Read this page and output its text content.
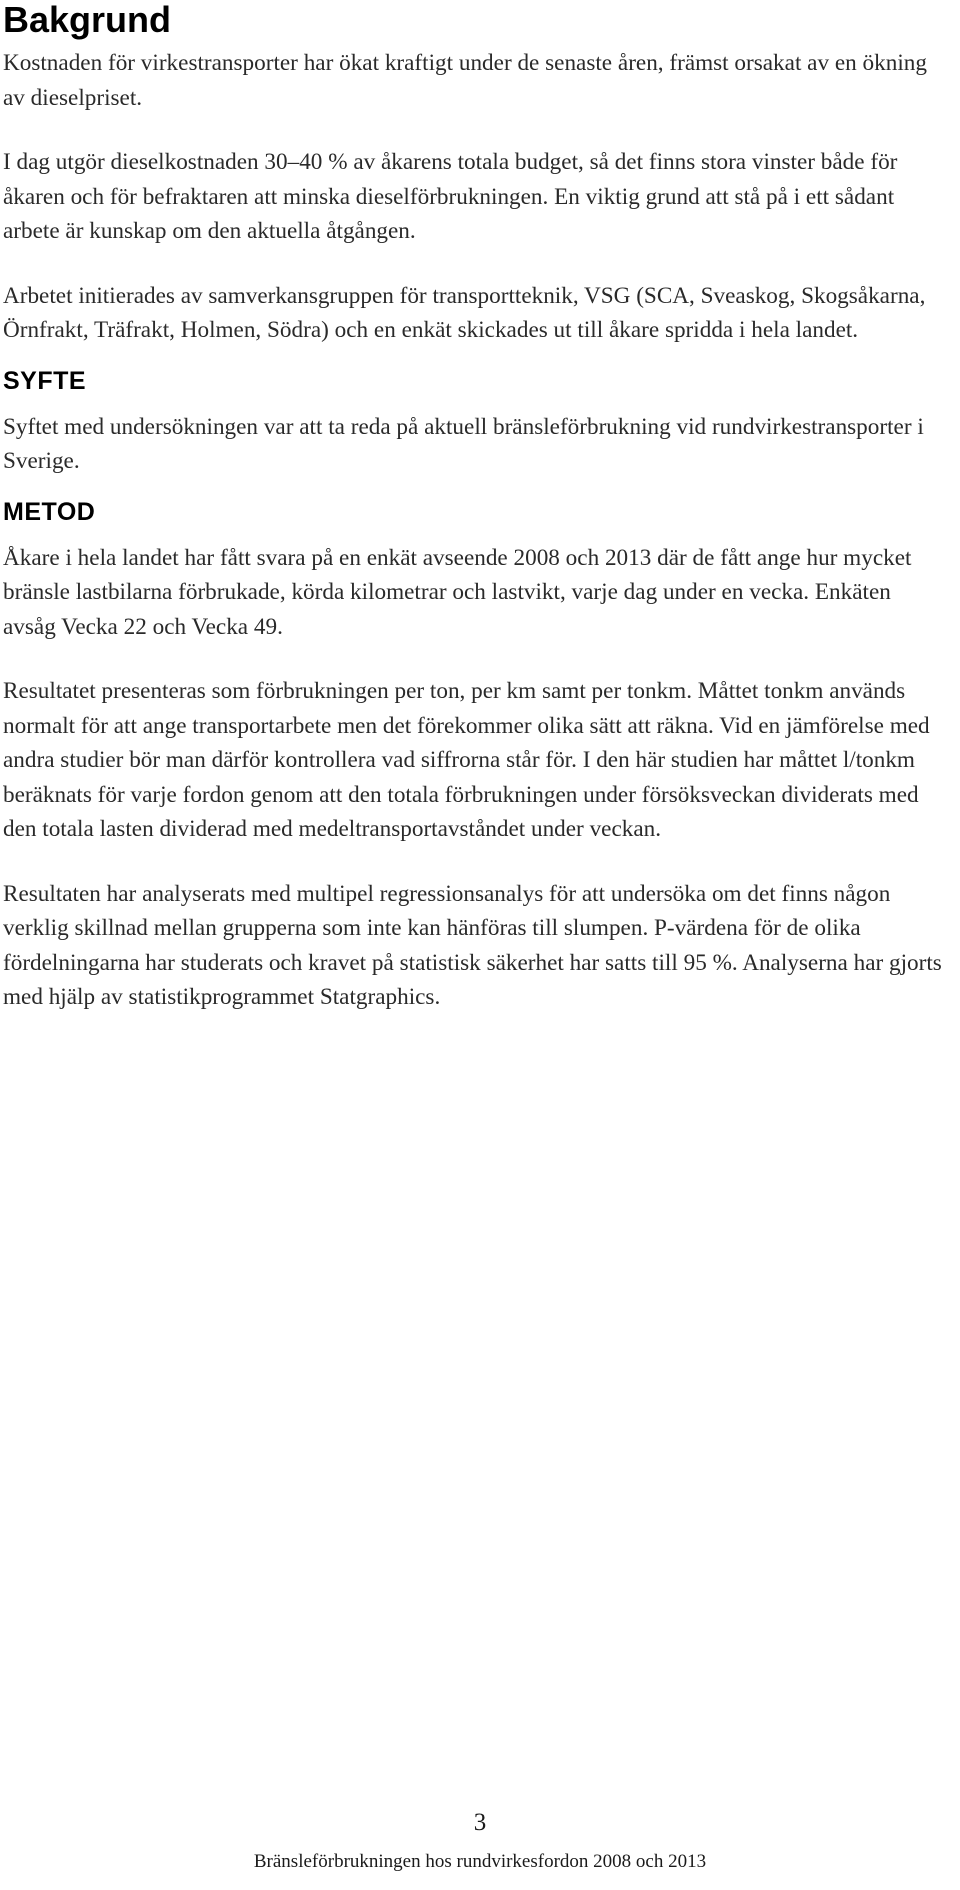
Bakgrund

Kostnaden för virkestransporter har ökat kraftigt under de senaste åren, främst orsakat av en ökning av dieselpriset.

I dag utgör dieselkostnaden 30–40 % av åkarens totala budget, så det finns stora vinster både för åkaren och för befraktaren att minska dieselförbrukningen. En viktig grund att stå på i ett sådant arbete är kunskap om den aktuella åtgången.

Arbetet initierades av samverkansgruppen för transportteknik, VSG (SCA, Sveaskog, Skogsåkarna, Örnfrakt, Träfrakt, Holmen, Södra) och en enkät skickades ut till åkare spridda i hela landet.

SYFTE

Syftet med undersökningen var att ta reda på aktuell bränsleförbrukning vid rundvirkestransporter i Sverige.

METOD

Åkare i hela landet har fått svara på en enkät avseende 2008 och 2013 där de fått ange hur mycket bränsle lastbilarna förbrukade, körda kilometrar och lastvikt, varje dag under en vecka. Enkäten avsåg Vecka 22 och Vecka 49.

Resultatet presenteras som förbrukningen per ton, per km samt per tonkm. Måttet tonkm används normalt för att ange transportarbete men det förekommer olika sätt att räkna. Vid en jämförelse med andra studier bör man därför kontrollera vad siffrorna står för. I den här studien har måttet l/tonkm beräknats för varje fordon genom att den totala förbrukningen under försöksveckan dividerats med den totala lasten dividerad med medeltransportavståndet under veckan.

Resultaten har analyserats med multipel regressionsanalys för att undersöka om det finns någon verklig skillnad mellan grupperna som inte kan hänföras till slumpen. P-värdena för de olika fördelningarna har studerats och kravet på statistisk säkerhet har satts till 95 %. Analyserna har gjorts med hjälp av statistikprogrammet Statgraphics.

3
Bränsleförbrukningen hos rundvirkesfordon 2008 och 2013
